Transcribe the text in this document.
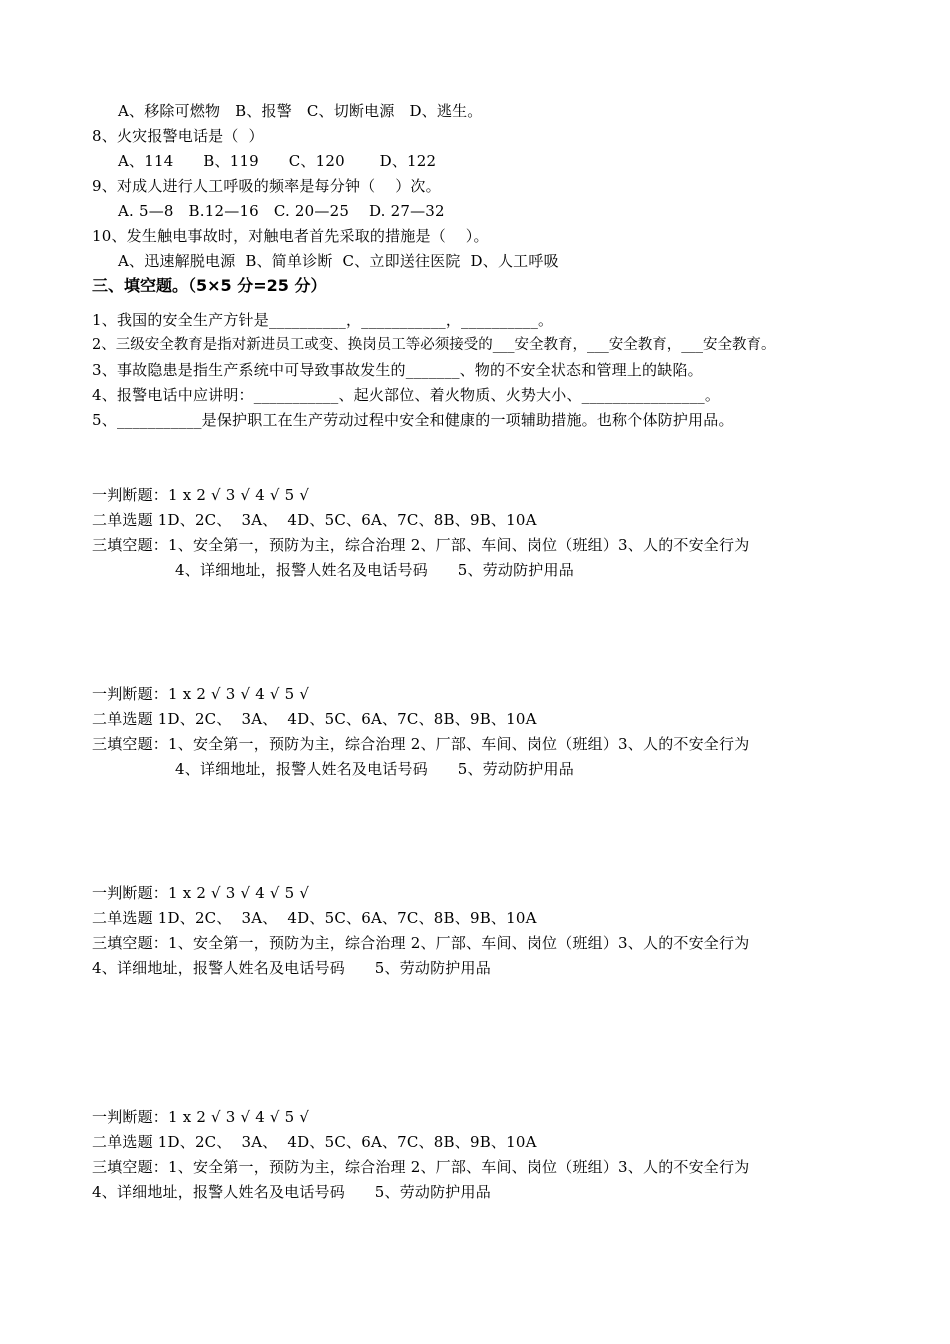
A、移除可燃物   B、报警   C、切断电源   D、逃生。
8、火灾报警电话是（  ）
A、114      B、119      C、120       D、122
9、对成人进行人工呼吸的频率是每分钟（    ）次。
A. 5—8   B.12—16   C. 20—25    D. 27—32
10、发生触电事故时，对触电者首先采取的措施是（    ）。
A、迅速解脱电源  B、简单诊断  C、立即送往医院  D、人工呼吸
三、填空题。（5×5 分=25 分）
1、我国的安全生产方针是__________，___________，__________。
2、三级安全教育是指对新进员工或变、换岗员工等必须接受的___安全教育，___安全教育，___安全教育。
3、事故隐患是指生产系统中可导致事故发生的_______、物的不安全状态和管理上的缺陷。
4、报警电话中应讲明：___________、起火部位、着火物质、火势大小、________________。
5、___________是保护职工在生产劳动过程中安全和健康的一项辅助措施。也称个体防护用品。
一判断题：1 x 2 √ 3 √ 4 √ 5 √
二单选题 1D、2C、  3A、  4D、5C、6A、7C、8B、9B、10A
三填空题：1、安全第一，预防为主，综合治理 2、厂部、车间、岗位（班组）3、人的不安全行为
4、详细地址，报警人姓名及电话号码      5、劳动防护用品
一判断题：1 x 2 √ 3 √ 4 √ 5 √
二单选题 1D、2C、  3A、  4D、5C、6A、7C、8B、9B、10A
三填空题：1、安全第一，预防为主，综合治理 2、厂部、车间、岗位（班组）3、人的不安全行为
4、详细地址，报警人姓名及电话号码      5、劳动防护用品
一判断题：1 x 2 √ 3 √ 4 √ 5 √
二单选题 1D、2C、  3A、  4D、5C、6A、7C、8B、9B、10A
三填空题：1、安全第一，预防为主，综合治理 2、厂部、车间、岗位（班组）3、人的不安全行为
4、详细地址，报警人姓名及电话号码      5、劳动防护用品
一判断题：1 x 2 √ 3 √ 4 √ 5 √
二单选题 1D、2C、  3A、  4D、5C、6A、7C、8B、9B、10A
三填空题：1、安全第一，预防为主，综合治理 2、厂部、车间、岗位（班组）3、人的不安全行为
4、详细地址，报警人姓名及电话号码      5、劳动防护用品
